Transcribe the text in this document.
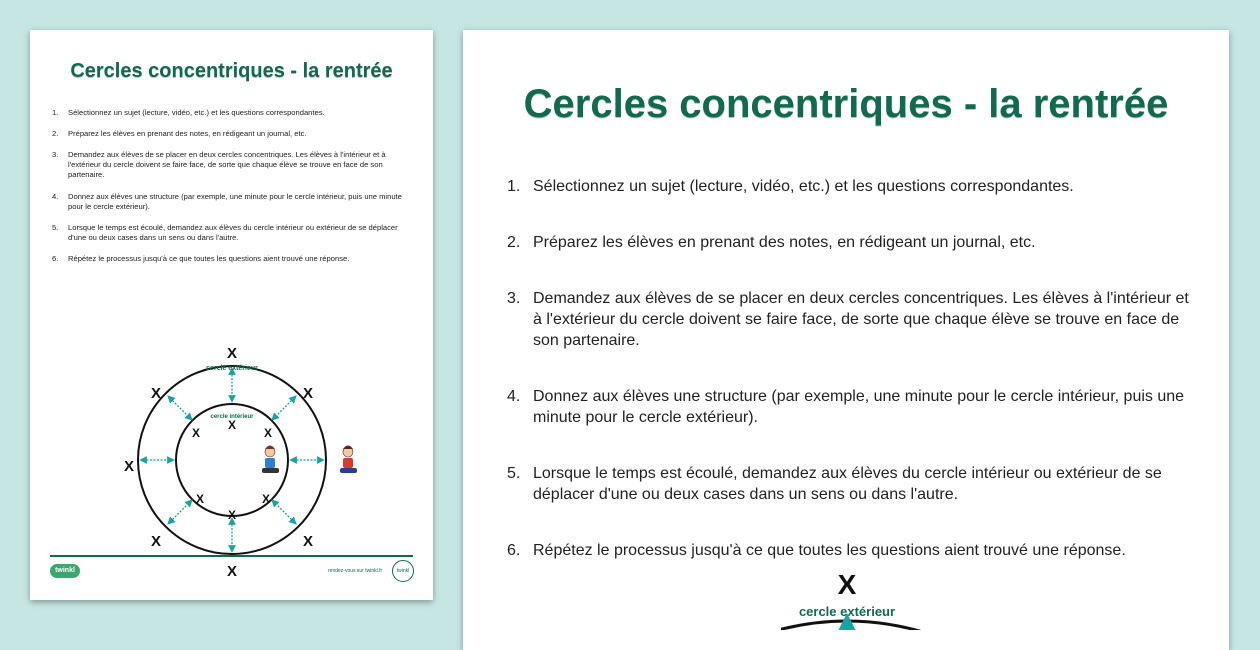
Cercles concentriques - la rentrée
1. Sélectionnez un sujet (lecture, vidéo, etc.) et les questions correspondantes.
2. Préparez les élèves en prenant des notes, en rédigeant un journal, etc.
3. Demandez aux élèves de se placer en deux cercles concentriques. Les élèves à l'intérieur et à l'extérieur du cercle doivent se faire face, de sorte que chaque élève se trouve en face de son partenaire.
4. Donnez aux élèves une structure (par exemple, une minute pour le cercle intérieur, puis une minute pour le cercle extérieur).
5. Lorsque le temps est écoulé, demandez aux élèves du cercle intérieur ou extérieur de se déplacer d'une ou deux cases dans un sens ou dans l'autre.
6. Répétez le processus jusqu'à ce que toutes les questions aient trouvé une réponse.
X
X
X
X	X
X	X
X
X
X	X
X	X
cercle extérieur
cercle intérieur
twinkl	rendez-vous sur twinkl.fr	twinkl
Cercles concentriques - la rentrée
1. Sélectionnez un sujet (lecture, vidéo, etc.) et les questions correspondantes.
2. Préparez les élèves en prenant des notes, en rédigeant un journal, etc.
3. Demandez aux élèves de se placer en deux cercles concentriques. Les élèves à l'intérieur et à l'extérieur du cercle doivent se faire face, de sorte que chaque élève se trouve en face de son partenaire.
4. Donnez aux élèves une structure (par exemple, une minute pour le cercle intérieur, puis une minute pour le cercle extérieur).
5. Lorsque le temps est écoulé, demandez aux élèves du cercle intérieur ou extérieur de se déplacer d'une ou deux cases dans un sens ou dans l'autre.
6. Répétez le processus jusqu'à ce que toutes les questions aient trouvé une réponse.
X
cercle extérieur
